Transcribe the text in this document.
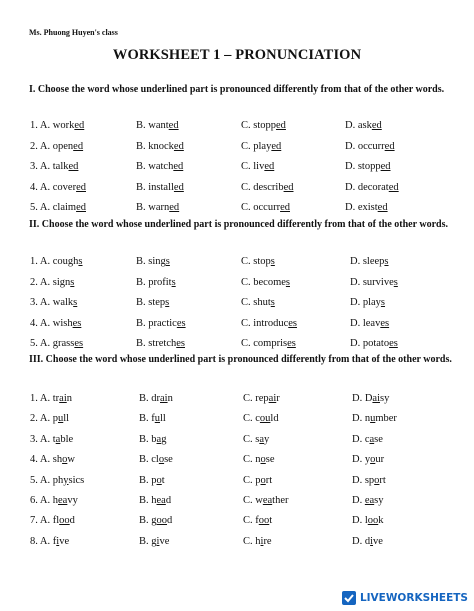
Ms. Phuong Huyen's class
WORKSHEET 1 – PRONUNCIATION
I. Choose the word whose underlined part is pronounced differently from that of the other words.
1. A. worked	B. wanted	C. stopped	D. asked
2. A. opened	B. knocked	C. played	D. occurred
3. A. talked	B. watched	C. lived	D. stopped
4. A. covered	B. installed	C. described	D. decorated
5. A. claimed	B. warned	C. occurred	D. existed
II. Choose the word whose underlined part is pronounced differently from that of the other words.
1. A. coughs	B. sings	C. stops	D. sleeps
2. A. signs	B. profits	C. becomes	D. survives
3. A. walks	B. steps	C. shuts	D. plays
4. A. wishes	B. practices	C. introduces	D. leaves
5. A. grasses	B. stretches	C. comprises	D. potatoes
III. Choose the word whose underlined part is pronounced differently from that of the other words.
1. A. train	B. drain	C. repair	D. Daisy
2. A. pull	B. full	C. could	D. number
3. A. table	B. bag	C. say	D. case
4. A. show	B. close	C. nose	D. your
5. A. physics	B. pot	C. port	D. sport
6. A. heavy	B. head	C. weather	D. easy
7. A. flood	B. good	C. foot	D. look
8. A. five	B. give	C. hire	D. dive
LIVEWORKSHEETS
